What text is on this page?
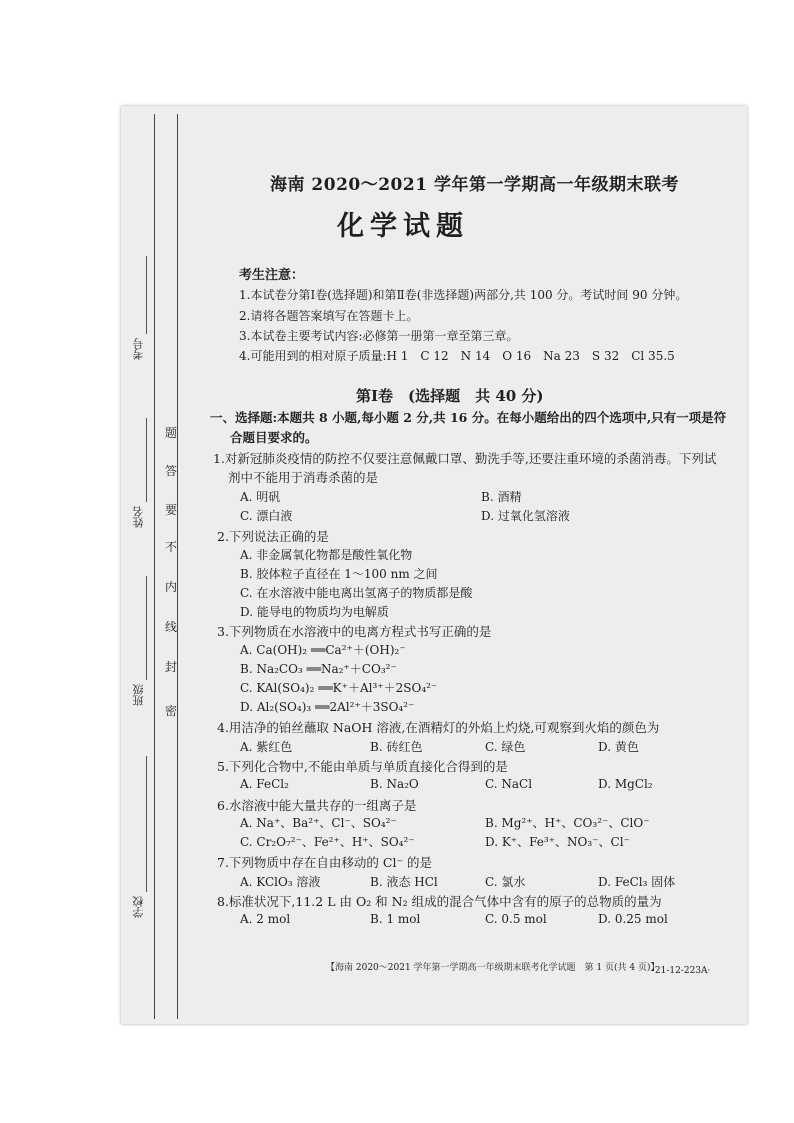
题
答
要
不
内
线
封
密
考号
姓名
班级
学校
海南 2020～2021 学年第一学期高一年级期末联考
化学试题
考生注意：
1.本试卷分第Ⅰ卷(选择题)和第Ⅱ卷(非选择题)两部分,共 100 分。考试时间 90 分钟。
2.请将各题答案填写在答题卡上。
3.本试卷主要考试内容:必修第一册第一章至第三章。
4.可能用到的相对原子质量:H 1　C 12　N 14　O 16　Na 23　S 32　Cl 35.5
第Ⅰ卷　(选择题　共 40 分)
一、选择题:本题共 8 小题,每小题 2 分,共 16 分。在每小题给出的四个选项中,只有一项是符
合题目要求的。
1.对新冠肺炎疫情的防控不仅要注意佩戴口罩、勤洗手等,还要注重环境的杀菌消毒。下列试
剂中不能用于消毒杀菌的是
A. 明矾	B. 酒精
C. 漂白液	D. 过氧化氢溶液
2.下列说法正确的是
A. 非金属氧化物都是酸性氧化物
B. 胶体粒子直径在 1～100 nm 之间
C. 在水溶液中能电离出氢离子的物质都是酸
D. 能导电的物质均为电解质
3.下列物质在水溶液中的电离方程式书写正确的是
A. Ca(OH)₂ ══Ca²⁺＋(OH)₂⁻
B. Na₂CO₃ ══Na₂⁺＋CO₃²⁻
C. KAl(SO₄)₂ ══K⁺＋Al³⁺＋2SO₄²⁻
D. Al₂(SO₄)₃ ══2Al²⁺＋3SO₄²⁻
4.用洁净的铂丝蘸取 NaOH 溶液,在酒精灯的外焰上灼烧,可观察到火焰的颜色为
A. 紫红色	B. 砖红色	C. 绿色	D. 黄色
5.下列化合物中,不能由单质与单质直接化合得到的是
A. FeCl₂	B. Na₂O	C. NaCl	D. MgCl₂
6.水溶液中能大量共存的一组离子是
A. Na⁺、Ba²⁺、Cl⁻、SO₄²⁻	B. Mg²⁺、H⁺、CO₃²⁻、ClO⁻
C. Cr₂O₇²⁻、Fe²⁺、H⁺、SO₄²⁻	D. K⁺、Fe³⁺、NO₃⁻、Cl⁻
7.下列物质中存在自由移动的 Cl⁻ 的是
A. KClO₃ 溶液	B. 液态 HCl	C. 氯水	D. FeCl₃ 固体
8.标准状况下,11.2 L 由 O₂ 和 N₂ 组成的混合气体中含有的原子的总物质的量为
A. 2 mol	B. 1 mol	C. 0.5 mol	D. 0.25 mol
【海南 2020～2021 学年第一学期高一年级期末联考化学试题　第 1 页(共 4 页)】
·21-12-223A·
